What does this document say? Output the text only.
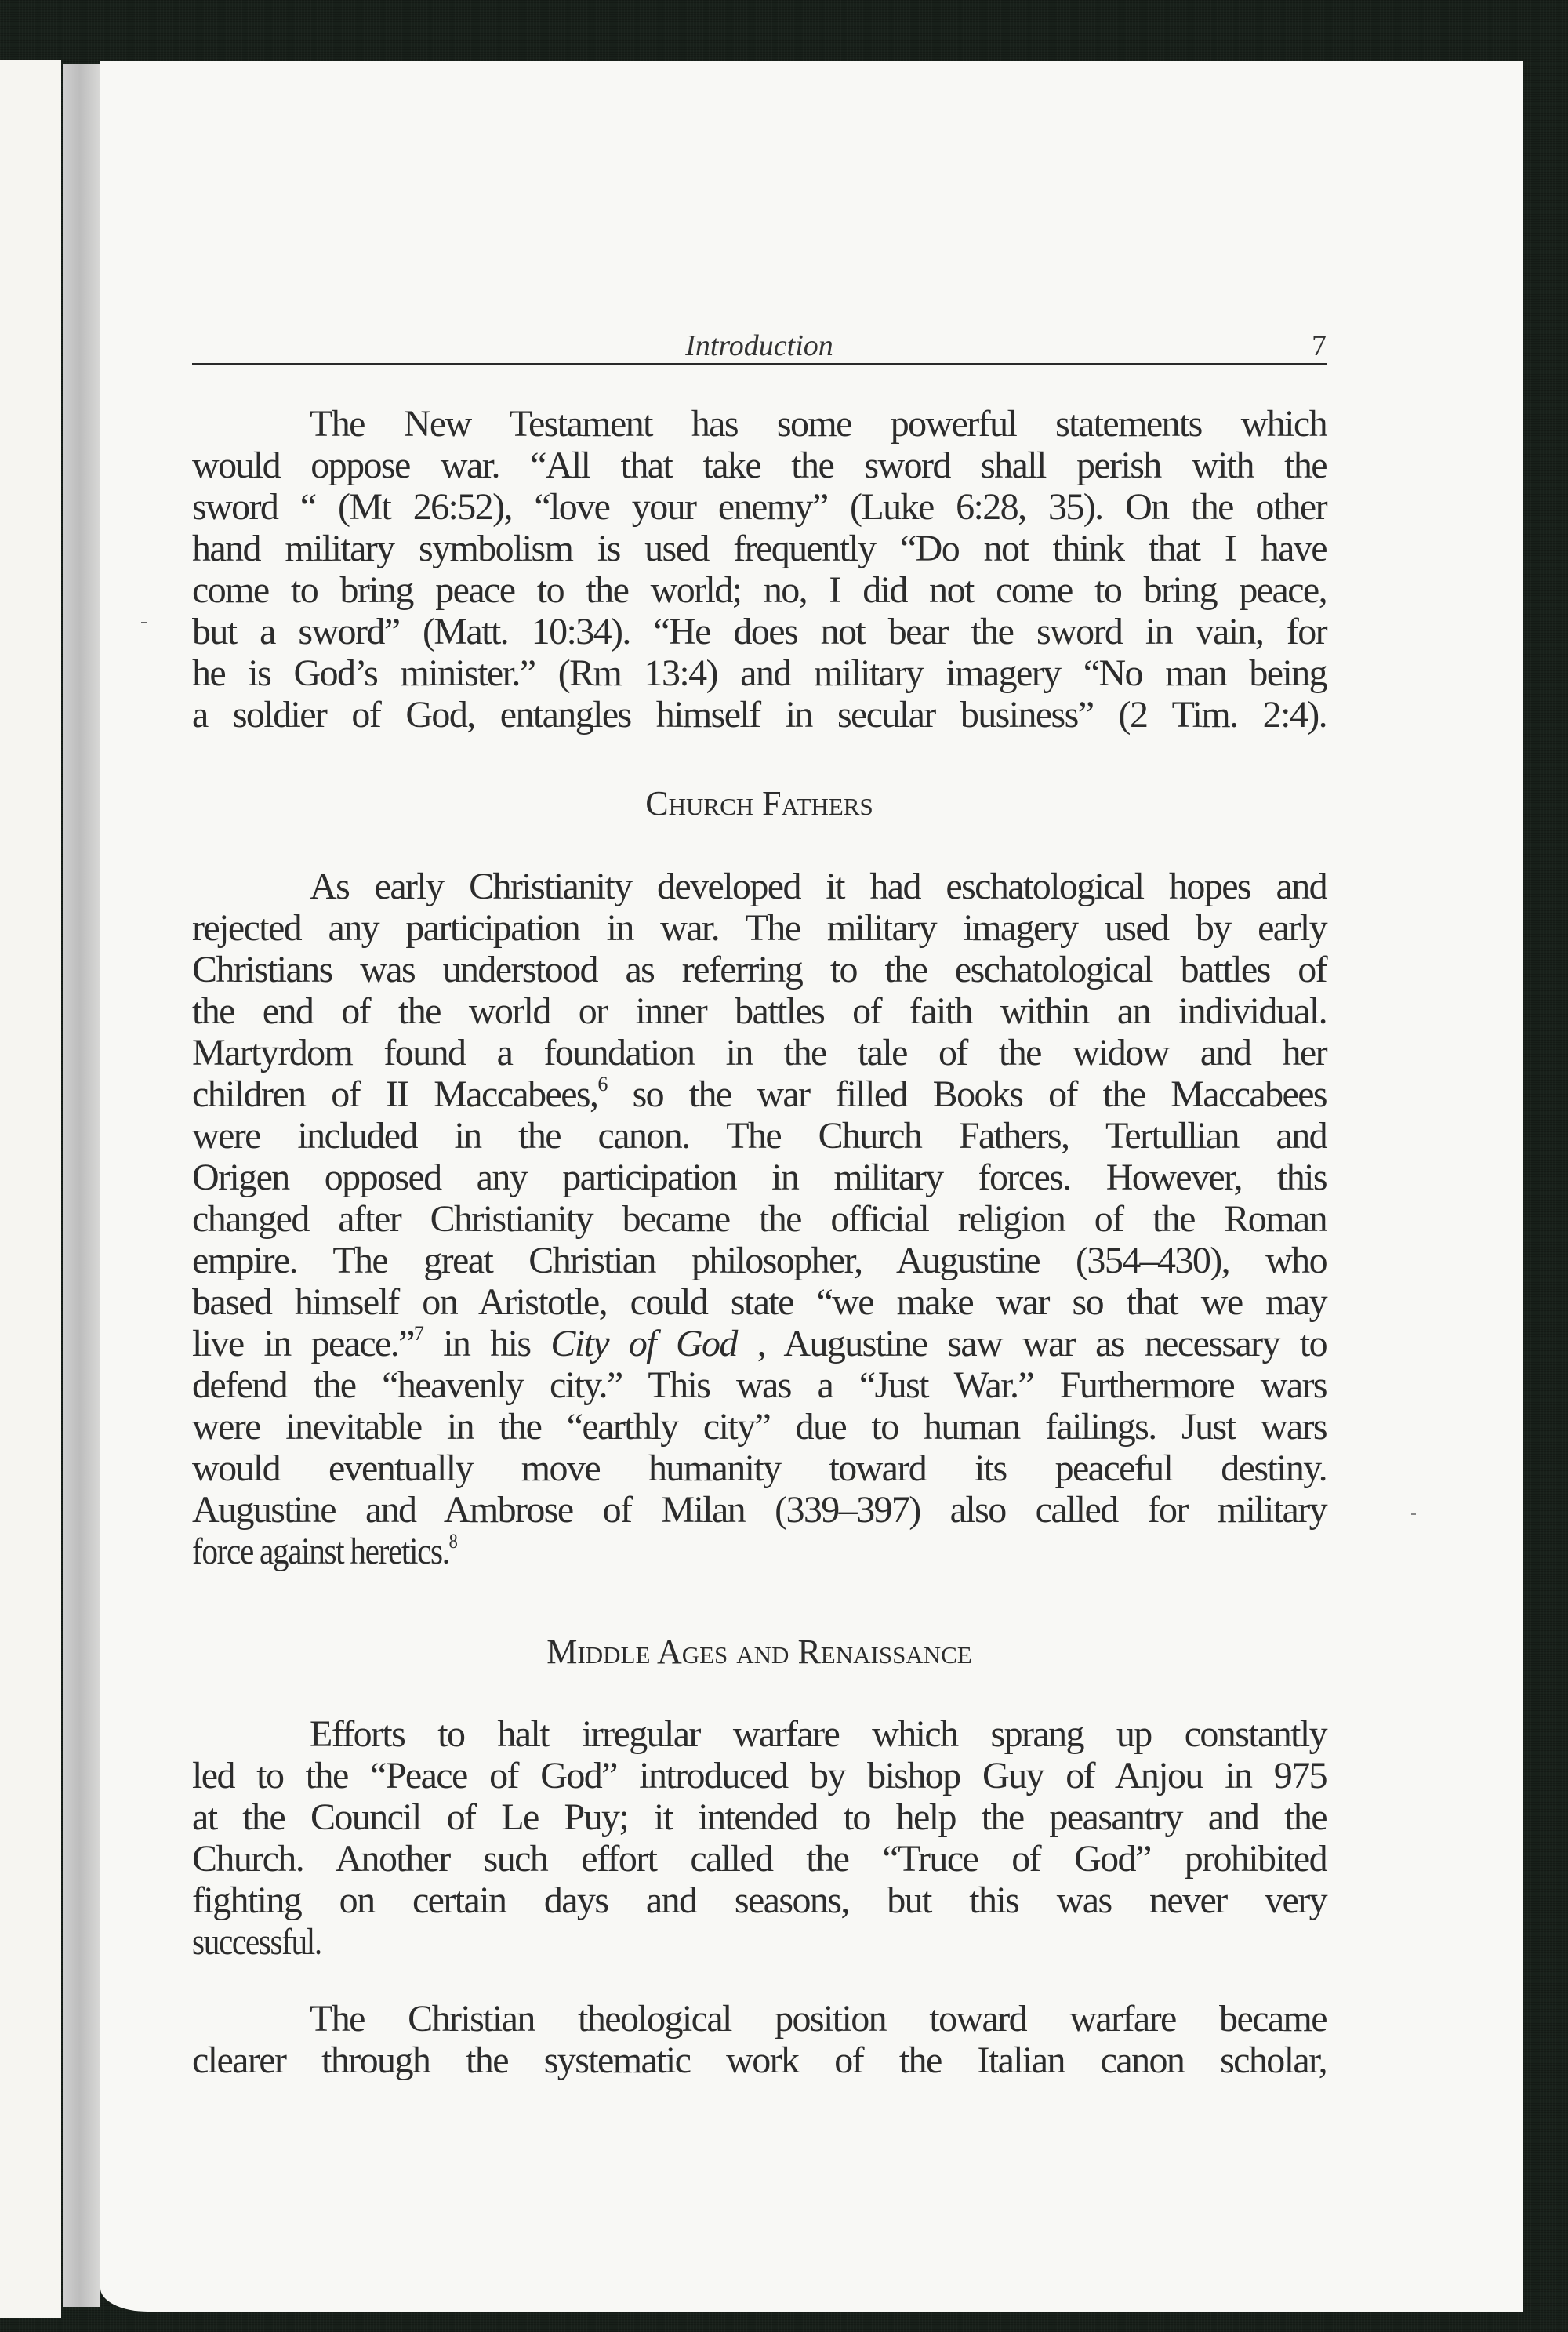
Introduction	7
The New Testament has some powerful statements which
would oppose war. “All that take the sword shall perish with the
sword “ (Mt 26:52), “love your enemy” (Luke 6:28, 35). On the other
hand military symbolism is used frequently “Do not think that I have
come to bring peace to the world; no, I did not come to bring peace,
but a sword” (Matt. 10:34). “He does not bear the sword in vain, for
he is God’s minister.” (Rm 13:4) and military imagery “No man being
a soldier of God, entangles himself in secular business” (2 Tim. 2:4).
Church Fathers
As early Christianity developed it had eschatological hopes and
rejected any participation in war. The military imagery used by early
Christians was understood as referring to the eschatological battles of
the end of the world or inner battles of faith within an individual.
Martyrdom found a foundation in the tale of the widow and her
children of II Maccabees,$^6$ so the war filled Books of the Maccabees
were included in the canon. The Church Fathers, Tertullian and
Origen opposed any participation in military forces. However, this
changed after Christianity became the official religion of the Roman
empire. The great Christian philosopher, Augustine (354–430), who
based himself on Aristotle, could state “we make war so that we may
live in peace.”$^7$ in his City of God , Augustine saw war as necessary to
defend the “heavenly city.” This was a “Just War.” Furthermore wars
were inevitable in the “earthly city” due to human failings. Just wars
would eventually move humanity toward its peaceful destiny.
Augustine and Ambrose of Milan (339–397) also called for military
force against heretics.$^8$
Middle Ages and Renaissance
Efforts to halt irregular warfare which sprang up constantly
led to the “Peace of God” introduced by bishop Guy of Anjou in 975
at the Council of Le Puy; it intended to help the peasantry and the
Church. Another such effort called the “Truce of God” prohibited
fighting on certain days and seasons, but this was never very
successful.
The Christian theological position toward warfare became
clearer through the systematic work of the Italian canon scholar,
